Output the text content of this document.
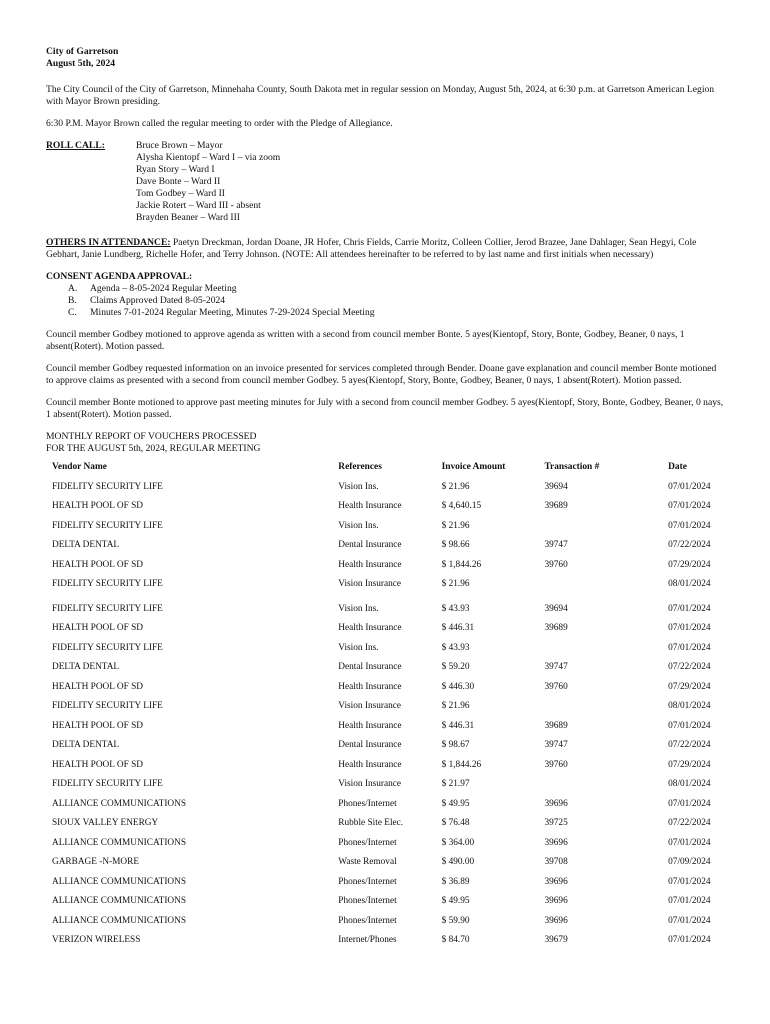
City of Garretson
August 5th, 2024

The City Council of the City of Garretson, Minnehaha County, South Dakota met in regular session on Monday, August 5th, 2024, at 6:30 p.m. at Garretson American Legion with Mayor Brown presiding.

6:30 P.M. Mayor Brown called the regular meeting to order with the Pledge of Allegiance.

ROLL CALL:	Bruce Brown – Mayor
Alysha Kientopf – Ward I – via zoom
Ryan Story – Ward I
Dave Bonte – Ward II
Tom Godbey – Ward II
Jackie Rotert – Ward III - absent
Brayden Beaner – Ward III

OTHERS IN ATTENDANCE: Paetyn Dreckman, Jordan Doane, JR Hofer, Chris Fields, Carrie Moritz, Colleen Collier, Jerod Brazee, Jane Dahlager, Sean Hegyi, Cole Gebhart, Janie Lundberg, Richelle Hofer, and Terry Johnson. (NOTE: All attendees hereinafter to be referred to by last name and first initials when necessary)

CONSENT AGENDA APPROVAL:
A.	Agenda – 8-05-2024 Regular Meeting
B.	Claims Approved Dated 8-05-2024
C.	Minutes 7-01-2024 Regular Meeting, Minutes 7-29-2024 Special Meeting

Council member Godbey motioned to approve agenda as written with a second from council member Bonte. 5 ayes(Kientopf, Story, Bonte, Godbey, Beaner, 0 nays, 1 absent(Rotert). Motion passed.

Council member Godbey requested information on an invoice presented for services completed through Bender. Doane gave explanation and council member Bonte motioned to approve claims as presented with a second from council member Godbey. 5 ayes(Kientopf, Story, Bonte, Godbey, Beaner, 0 nays, 1 absent(Rotert). Motion passed.

Council member Bonte motioned to approve past meeting minutes for July with a second from council member Godbey. 5 ayes(Kientopf, Story, Bonte, Godbey, Beaner, 0 nays, 1 absent(Rotert). Motion passed.

MONTHLY REPORT OF VOUCHERS PROCESSED
FOR THE AUGUST 5th, 2024, REGULAR MEETING
Vendor Name	References	Invoice Amount	Transaction #	Date
FIDELITY SECURITY LIFE	Vision Ins.	$ 21.96	39694	07/01/2024
HEALTH POOL OF SD	Health Insurance	$ 4,640.15	39689	07/01/2024
FIDELITY SECURITY LIFE	Vision Ins.	$ 21.96		07/01/2024
DELTA DENTAL	Dental Insurance	$ 98.66	39747	07/22/2024
HEALTH POOL OF SD	Health Insurance	$ 1,844.26	39760	07/29/2024
FIDELITY SECURITY LIFE	Vision Insurance	$ 21.96		08/01/2024
FIDELITY SECURITY LIFE	Vision Ins.	$ 43.93	39694	07/01/2024
HEALTH POOL OF SD	Health Insurance	$ 446.31	39689	07/01/2024
FIDELITY SECURITY LIFE	Vision Ins.	$ 43.93		07/01/2024
DELTA DENTAL	Dental Insurance	$ 59.20	39747	07/22/2024
HEALTH POOL OF SD	Health Insurance	$ 446.30	39760	07/29/2024
FIDELITY SECURITY LIFE	Vision Insurance	$ 21.96		08/01/2024
HEALTH POOL OF SD	Health Insurance	$ 446.31	39689	07/01/2024
DELTA DENTAL	Dental Insurance	$ 98.67	39747	07/22/2024
HEALTH POOL OF SD	Health Insurance	$ 1,844.26	39760	07/29/2024
FIDELITY SECURITY LIFE	Vision Insurance	$ 21.97		08/01/2024
ALLIANCE COMMUNICATIONS	Phones/Internet	$ 49.95	39696	07/01/2024
SIOUX VALLEY ENERGY	Rubble Site Elec.	$ 76.48	39725	07/22/2024
ALLIANCE COMMUNICATIONS	Phones/Internet	$ 364.00	39696	07/01/2024
GARBAGE -N-MORE	Waste Removal	$ 490.00	39708	07/09/2024
ALLIANCE COMMUNICATIONS	Phones/Internet	$ 36.89	39696	07/01/2024
ALLIANCE COMMUNICATIONS	Phones/Internet	$ 49.95	39696	07/01/2024
ALLIANCE COMMUNICATIONS	Phones/Internet	$ 59.90	39696	07/01/2024
VERIZON WIRELESS	Internet/Phones	$ 84.70	39679	07/01/2024
